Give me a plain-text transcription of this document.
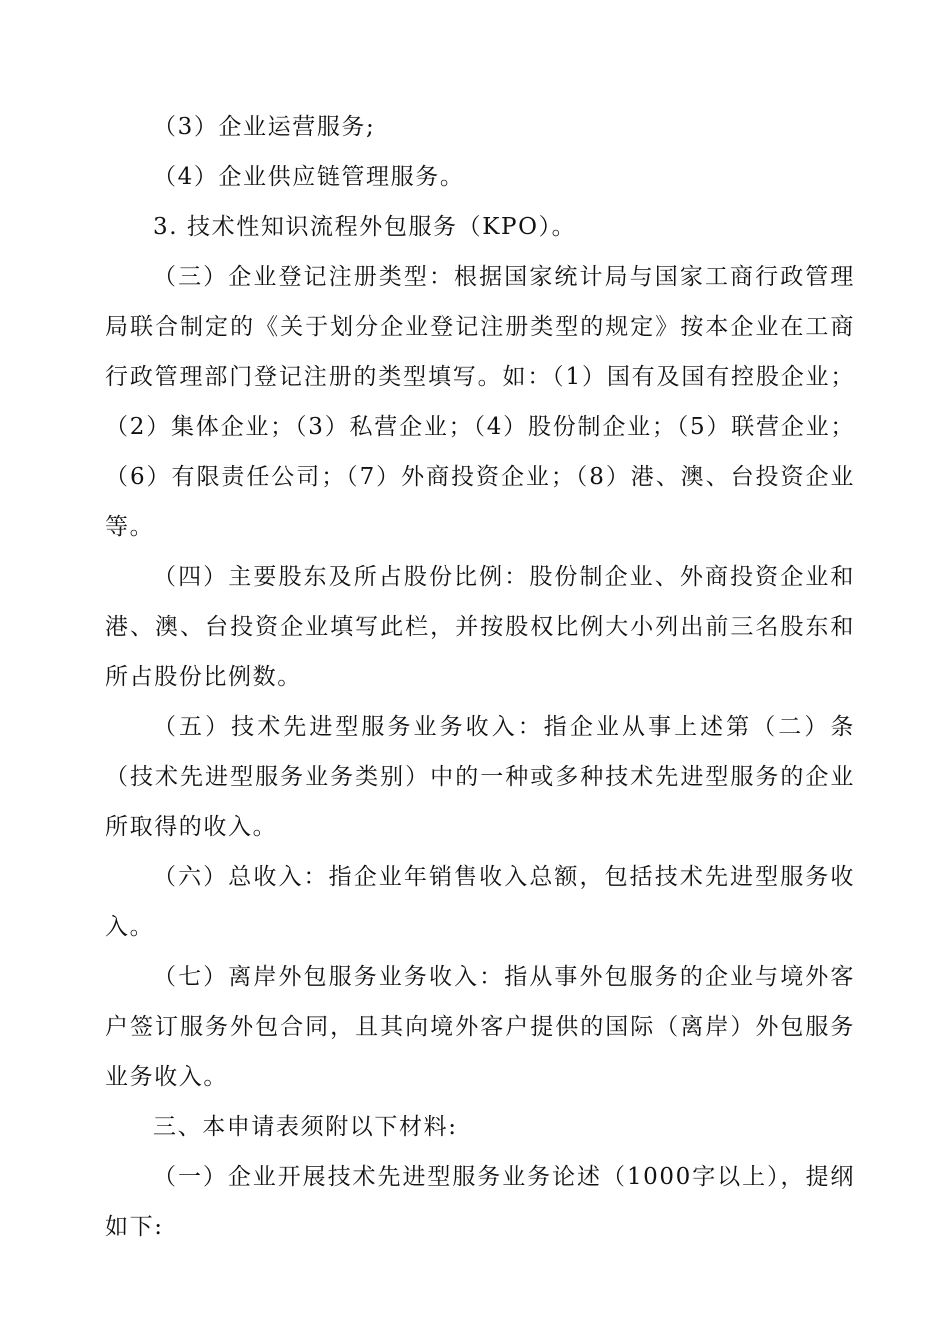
（3）企业运营服务;

（4）企业供应链管理服务。

3. 技术性知识流程外包服务（KPO）。

（三）企业登记注册类型：根据国家统计局与国家工商行政管理局联合制定的《关于划分企业登记注册类型的规定》按本企业在工商行政管理部门登记注册的类型填写。如：（1）国有及国有控股企业；（2）集体企业；（3）私营企业；（4）股份制企业；（5）联营企业；（6）有限责任公司；（7）外商投资企业；（8）港、澳、台投资企业等。

（四）主要股东及所占股份比例：股份制企业、外商投资企业和港、澳、台投资企业填写此栏，并按股权比例大小列出前三名股东和所占股份比例数。

（五）技术先进型服务业务收入：指企业从事上述第（二）条（技术先进型服务业务类别）中的一种或多种技术先进型服务的企业所取得的收入。

（六）总收入：指企业年销售收入总额，包括技术先进型服务收入。

（七）离岸外包服务业务收入：指从事外包服务的企业与境外客户签订服务外包合同，且其向境外客户提供的国际（离岸）外包服务业务收入。

三、本申请表须附以下材料:

（一）企业开展技术先进型服务业务论述（1000字以上），提纲如下:
